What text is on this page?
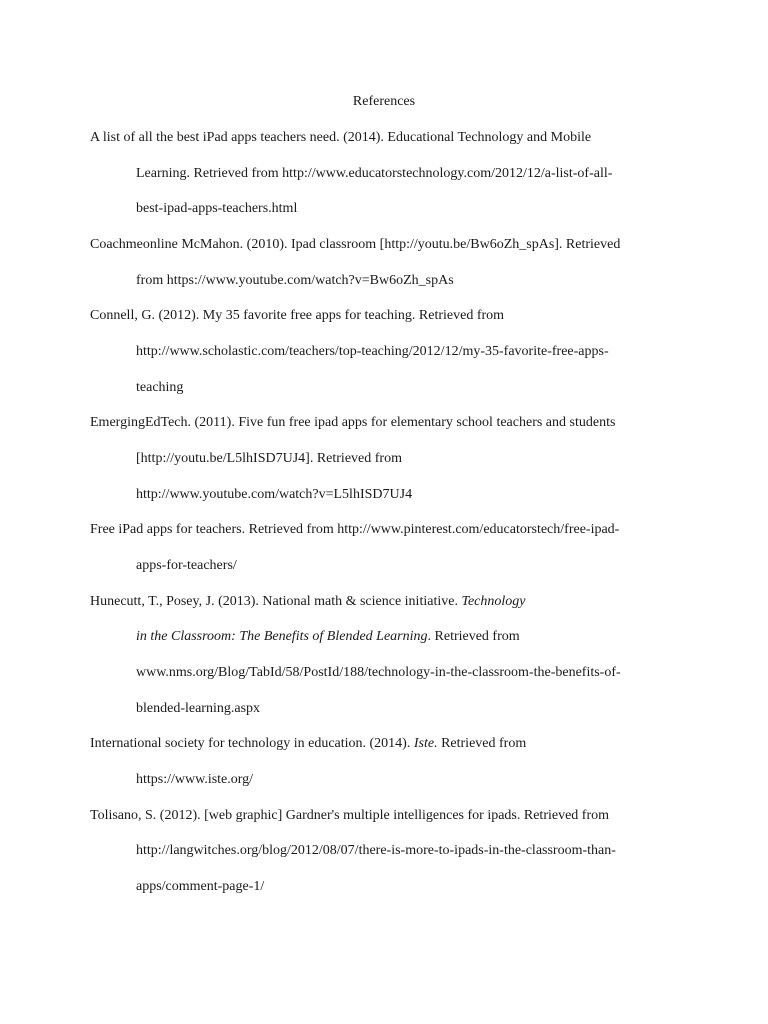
References
A list of all the best iPad apps teachers need. (2014). Educational Technology and Mobile
Learning. Retrieved from http://www.educatorstechnology.com/2012/12/a-list-of-all-
best-ipad-apps-teachers.html
Coachmeonline McMahon. (2010). Ipad classroom [http://youtu.be/Bw6oZh_spAs]. Retrieved
from https://www.youtube.com/watch?v=Bw6oZh_spAs
Connell, G. (2012). My 35 favorite free apps for teaching. Retrieved from
http://www.scholastic.com/teachers/top-teaching/2012/12/my-35-favorite-free-apps-
teaching
EmergingEdTech. (2011). Five fun free ipad apps for elementary school teachers and students
[http://youtu.be/L5lhISD7UJ4]. Retrieved from
http://www.youtube.com/watch?v=L5lhISD7UJ4
Free iPad apps for teachers. Retrieved from http://www.pinterest.com/educatorstech/free-ipad-
apps-for-teachers/
Hunecutt, T., Posey, J. (2013). National math & science initiative. Technology
in the Classroom: The Benefits of Blended Learning. Retrieved from
www.nms.org/Blog/TabId/58/PostId/188/technology-in-the-classroom-the-benefits-of-
blended-learning.aspx
International society for technology in education. (2014). Iste. Retrieved from
https://www.iste.org/
Tolisano, S. (2012). [web graphic] Gardner's multiple intelligences for ipads. Retrieved from
http://langwitches.org/blog/2012/08/07/there-is-more-to-ipads-in-the-classroom-than-
apps/comment-page-1/
